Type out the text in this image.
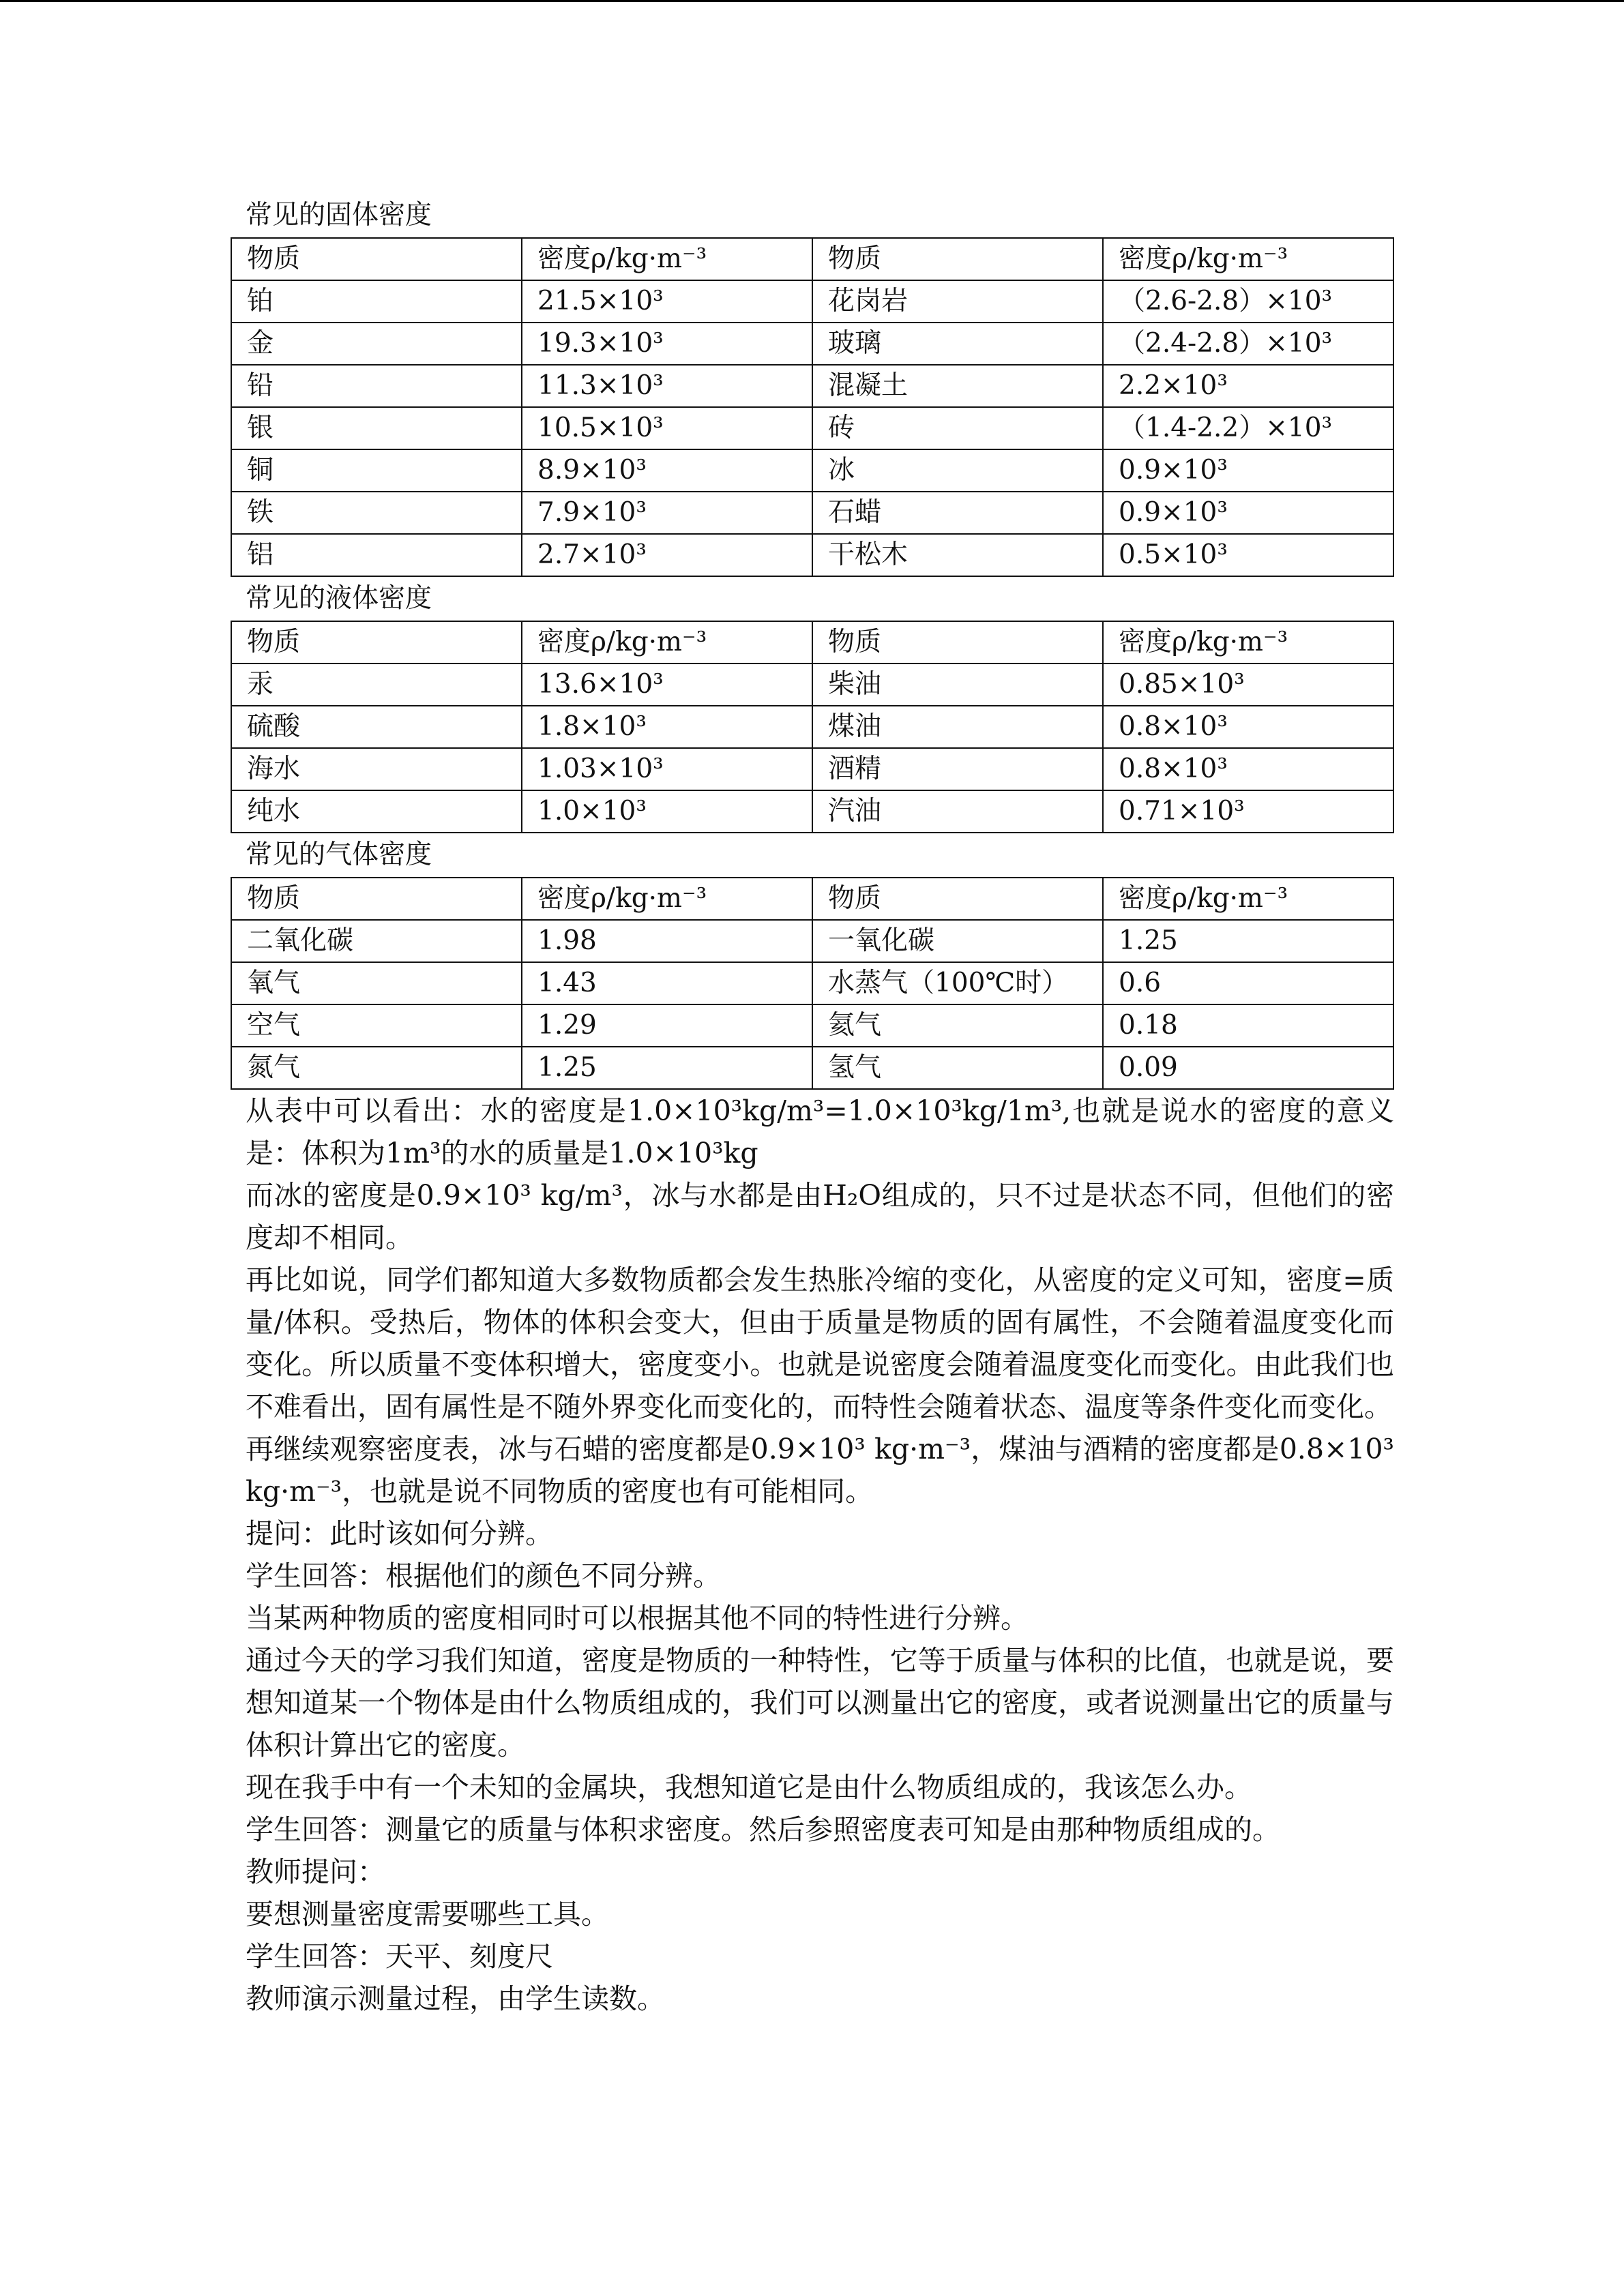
常见的固体密度
物质	密度ρ/kg·m⁻³	物质	密度ρ/kg·m⁻³
铂	21.5×10³	花岗岩	（2.6-2.8）×10³
金	19.3×10³	玻璃	（2.4-2.8）×10³
铅	11.3×10³	混凝土	2.2×10³
银	10.5×10³	砖	（1.4-2.2）×10³
铜	8.9×10³	冰	0.9×10³
铁	7.9×10³	石蜡	0.9×10³
铝	2.7×10³	干松木	0.5×10³
常见的液体密度
物质	密度ρ/kg·m⁻³	物质	密度ρ/kg·m⁻³
汞	13.6×10³	柴油	0.85×10³
硫酸	1.8×10³	煤油	0.8×10³
海水	1.03×10³	酒精	0.8×10³
纯水	1.0×10³	汽油	0.71×10³
常见的气体密度
物质	密度ρ/kg·m⁻³	物质	密度ρ/kg·m⁻³
二氧化碳	1.98	一氧化碳	1.25
氧气	1.43	水蒸气（100℃时）	0.6
空气	1.29	氦气	0.18
氮气	1.25	氢气	0.09
从表中可以看出：水的密度是1.0×10³kg/m³=1.0×10³kg/1m³,也就是说水的密度的意义是：体积为1m³的水的质量是1.0×10³kg
而冰的密度是0.9×10³ kg/m³，冰与水都是由H₂O组成的，只不过是状态不同，但他们的密度却不相同。
再比如说，同学们都知道大多数物质都会发生热胀冷缩的变化，从密度的定义可知，密度=质量/体积。受热后，物体的体积会变大，但由于质量是物质的固有属性，不会随着温度变化而变化。所以质量不变体积增大，密度变小。也就是说密度会随着温度变化而变化。由此我们也不难看出，固有属性是不随外界变化而变化的，而特性会随着状态、温度等条件变化而变化。
再继续观察密度表，冰与石蜡的密度都是0.9×10³ kg·m⁻³，煤油与酒精的密度都是0.8×10³ kg·m⁻³，也就是说不同物质的密度也有可能相同。
提问：此时该如何分辨。
学生回答：根据他们的颜色不同分辨。
当某两种物质的密度相同时可以根据其他不同的特性进行分辨。
通过今天的学习我们知道，密度是物质的一种特性，它等于质量与体积的比值，也就是说，要想知道某一个物体是由什么物质组成的，我们可以测量出它的密度，或者说测量出它的质量与体积计算出它的密度。
现在我手中有一个未知的金属块，我想知道它是由什么物质组成的，我该怎么办。
学生回答：测量它的质量与体积求密度。然后参照密度表可知是由那种物质组成的。
教师提问：
要想测量密度需要哪些工具。
学生回答：天平、刻度尺
教师演示测量过程，由学生读数。
